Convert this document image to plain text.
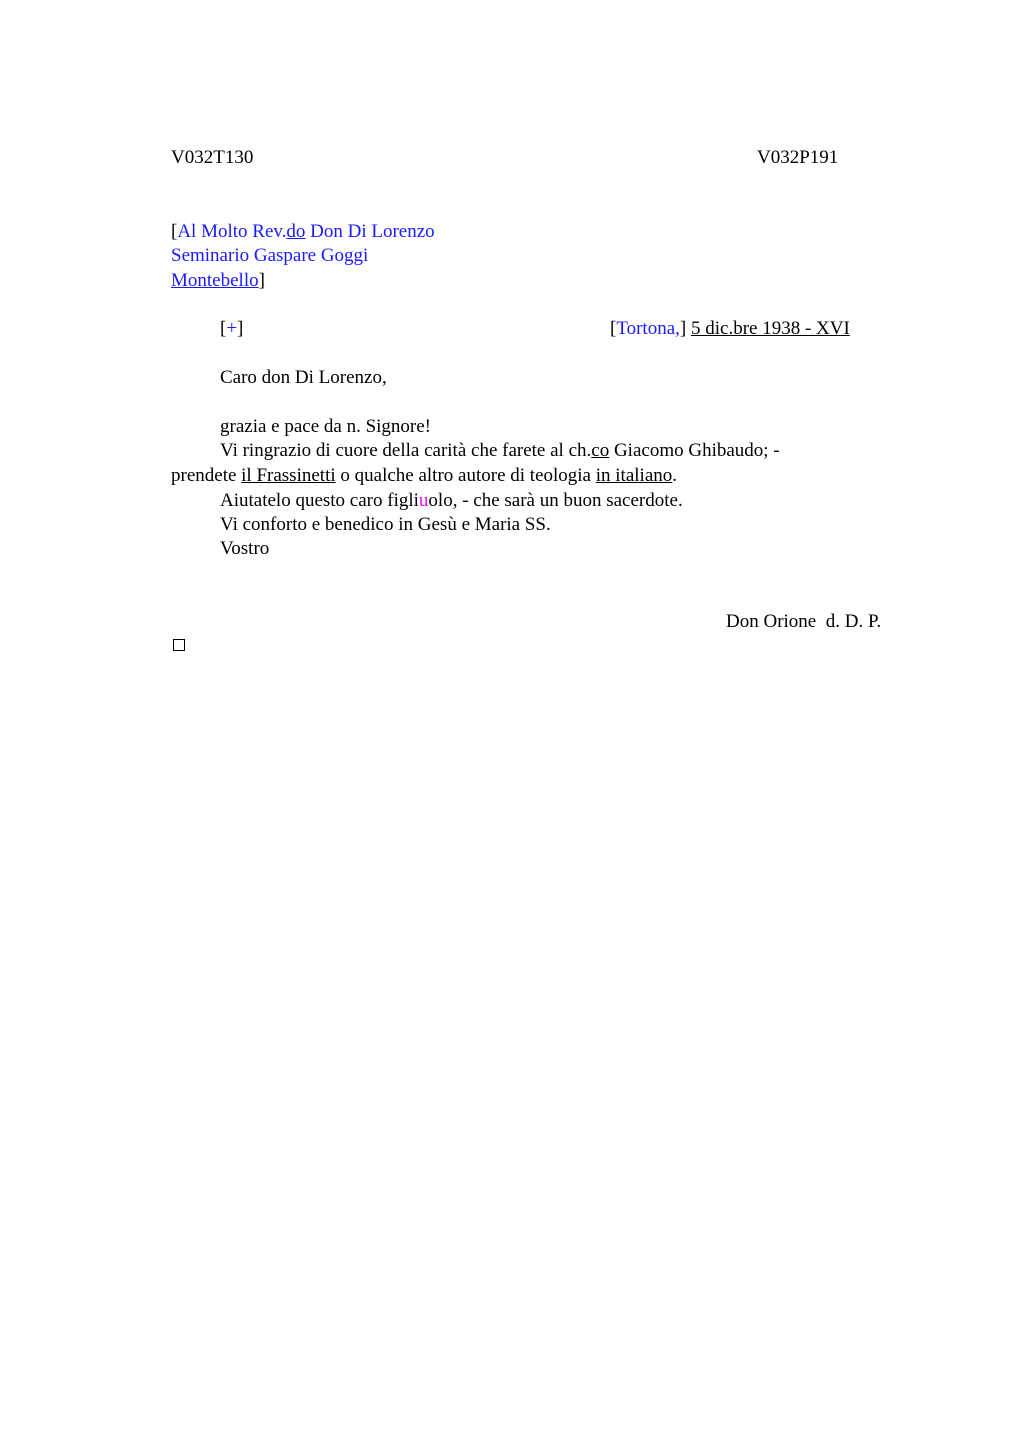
V032T130	V032P191
[Al Molto Rev.do Don Di Lorenzo
Seminario Gaspare Goggi
Montebello]
[+]	[Tortona,] 5 dic.bre 1938 - XVI
Caro don Di Lorenzo,
grazia e pace da n. Signore!
Vi ringrazio di cuore della carità che farete al ch.co Giacomo Ghibaudo; -
prendete il Frassinetti o qualche altro autore di teologia in italiano.
Aiutatelo questo caro figliuolo, - che sarà un buon sacerdote.
Vi conforto e benedico in Gesù e Maria SS.
Vostro

Don Orione  d. D. P.
